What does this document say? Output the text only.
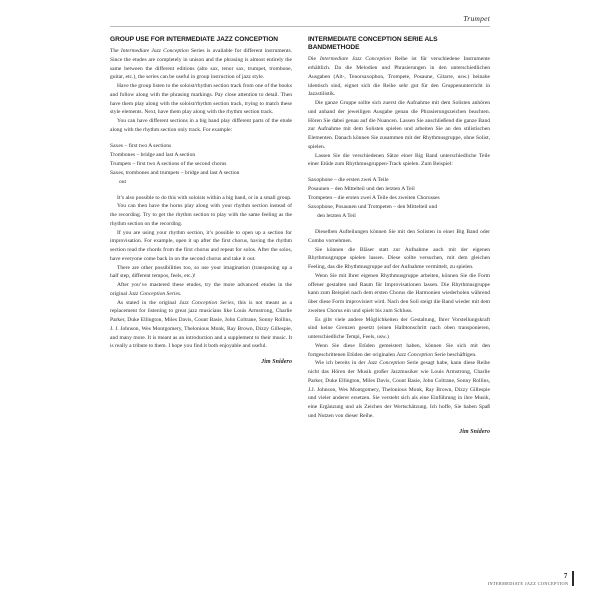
Trumpet
GROUP USE FOR INTERMEDIATE JAZZ CONCEPTION

The Intermediate Jazz Conception Series is available for different instruments. Since the etudes are completely in unison and the phrasing is almost entirely the same between the different editions (alto sax, tenor sax, trumpet, trombone, guitar, etc.), the series can be useful in group instruction of jazz style.

Have the group listen to the soloist/rhythm section track from one of the books and follow along with the phrasing markings. Pay close attention to detail. Then have them play along with the soloist/rhythm section track, trying to match these style elements. Next, have them play along with the rhythm section track.

You can have different sections in a big band play different parts of the etude along with the rhythm section only track. For example:

Saxes – first two A sections

Trombones – bridge and last A section

Trumpets – first two A sections of the second chorus

Saxes, trombones and trumpets – bridge and last A section

out

It’s also possible to do this with soloists within a big band, or in a small group.

You can then have the horns play along with your rhythm section instead of the recording. Try to get the rhythm section to play with the same feeling as the rhythm section on the recording.

If you are using your rhythm section, it’s possible to open up a section for improvisation. For example, open it up after the first chorus, having the rhythm section read the chords from the first chorus and repeat for solos. After the solos, have everyone come back in on the second chorus and take it out.

There are other possibilities too, so use your imagination (transposing up a half step, different tempos, feels, etc.)!

After you’ve mastered these etudes, try the more advanced etudes in the original Jazz Conception Series.

As stated in the original Jazz Conception Series, this is not meant as a replacement for listening to great jazz musicians like Louis Armstrong, Charlie Parker, Duke Ellington, Miles Davis, Count Basie, John Coltrane, Sonny Rollins, J. J. Johnson, Wes Montgomery, Thelonious Monk, Ray Brown, Dizzy Gillespie, and many more. It is meant as an introduction and a supplement to their music. It is really a tribute to them. I hope you find it both enjoyable and useful.

Jim Snidero
INTERMEDIATE CONCEPTION SERIE ALS BANDMETHODE

Die Intermediate Jazz Conception Reihe ist für verschiedene Instrumente erhältlich. Da die Melodien und Phrasierungen in den unterschiedlichen Ausgaben (Alt-, Tenorsaxophon, Trompete, Posaune, Gitarre, usw.) beinahe identisch sind, eignet sich die Reihe sehr gut für den Gruppenunterricht in Jazzstilistik.

Die ganze Gruppe sollte sich zuerst die Aufnahme mit dem Solisten anhören und anhand der jeweiligen Ausgabe genau die Phrasierungszeichen beachten. Hören Sie dabei genau auf die Nuancen. Lassen Sie anschließend die ganze Band zur Aufnahme mit dem Solisten spielen und arbeiten Sie an den stilistischen Elementen. Danach können Sie zusammen mit der Rhythmusgruppe, ohne Solist, spielen.

Lassen Sie die verschiedenen Sätze einer Big Band unterschiedliche Teile einer Etüde zum Rhythmusgruppen-Track spielen. Zum Beispiel:

Saxophone – die ersten zwei A Teile

Posaunen – den Mittelteil und den letzten A Teil

Trompeten – die ersten zwei A Teile des zweiten Chorusses

Saxophone, Posaunen und Trompeten – den Mittelteil und

den letzten A Teil

Dieselben Aufteilungen können Sie mit den Solisten in einer Big Band oder Combo vornehmen.

Sie können die Bläser statt zur Aufnahme auch mit der eigenen Rhythmusgruppe spielen lassen. Diese sollte versuchen, mit dem gleichen Feeling, das die Rhythmusgruppe auf der Aufnahme vermittelt, zu spielen.

Wenn Sie mit Ihrer eigenen Rhythmusgruppe arbeiten, können Sie die Form offener gestalten und Raum für Improvisationen lassen. Die Rhythmusgruppe kann zum Beispiel nach dem ersten Chorus die Harmonien wiederholen während über diese Form improvisiert wird. Nach den Soli steigt die Band wieder mit dem zweiten Chorus ein und spielt bis zum Schluss.

Es gibt viele andere Möglichkeiten der Gestaltung, Ihrer Vorstellungskraft sind keine Grenzen gesetzt (einen Halbtonschritt nach oben transponieren, unterschiedliche Tempi, Feels, usw.)

Wenn Sie diese Etüden gemeistert haben, können Sie sich mit den fortgeschrittenen Etüden der originalen Jazz Conception Serie beschäftigen.

Wie ich bereits in der Jazz Conception Serie gesagt habe, kann diese Reihe nicht das Hören der Musik großer Jazzmusiker wie Louis Armstrong, Charlie Parker, Duke Ellington, Miles Davis, Count Basie, John Coltrane, Sonny Rollins, J.J. Johnson, Wes Montgomery, Thelonious Monk, Ray Brown, Dizzy Gillespie und vieler anderer ersetzen. Sie versteht sich als eine Einführung in ihre Musik, eine Ergänzung und als Zeichen der Wertschätzung. Ich hoffe, Sie haben Spaß und Nutzen von dieser Reihe.

Jim Snidero
7
INTERMEDIATE JAZZ CONCEPTION
